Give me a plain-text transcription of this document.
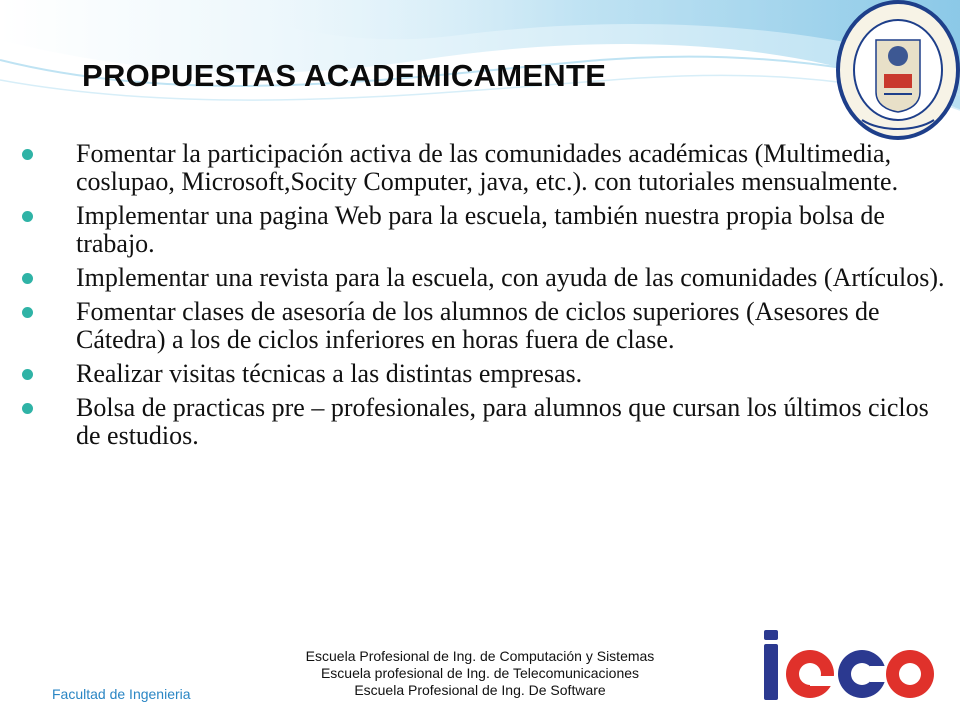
PROPUESTAS ACADEMICAMENTE
Fomentar la participación activa de las comunidades académicas (Multimedia, coslupao, Microsoft,Socity Computer, java, etc.). con tutoriales mensualmente.
Implementar una pagina Web para la escuela, también nuestra propia bolsa de trabajo.
Implementar una revista para la escuela, con ayuda de las comunidades (Artículos).
Fomentar clases de asesoría de los alumnos de ciclos superiores (Asesores de Cátedra) a los de ciclos inferiores en horas fuera de clase.
Realizar visitas técnicas a las distintas empresas.
Bolsa de practicas pre – profesionales, para alumnos que cursan los últimos ciclos de estudios.
Facultad de Ingenieria
Escuela Profesional de Ing. de Computación y Sistemas
Escuela profesional de Ing. de Telecomunicaciones
Escuela Profesional de Ing. De Software
